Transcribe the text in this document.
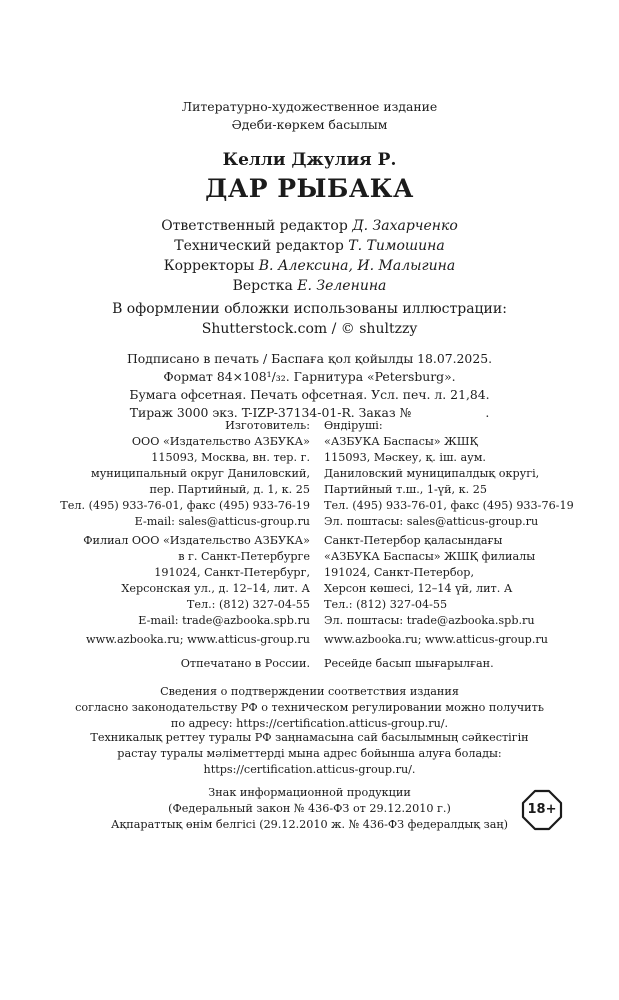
Литературно-художественное издание
Әдеби-көркем басылым
Келли Джулия Р.
ДАР РЫБАКА
Ответственный редактор Д. Захарченко
Технический редактор Т. Тимошина
Корректоры В. Алексина, И. Малыгина
Верстка Е. Зеленина
В оформлении обложки использованы иллюстрации:
Shutterstock.com / © shultzzy
Подписано в печать / Баспаға қол қойылды 18.07.2025.
Формат 84×108¹/₃₂. Гарнитура «Petersburg».
Бумага офсетная. Печать офсетная. Усл. печ. л. 21,84.
Тираж 3000 экз. T-IZP-37134-01-R. Заказ №	.
Изготовитель:
ООО «Издательство АЗБУКА»
115093, Москва, вн. тер. г.
муниципальный округ Даниловский,
пер. Партийный, д. 1, к. 25
Тел. (495) 933-76-01, факс (495) 933-76-19
E-mail: sales@atticus-group.ru
Өндіруші:
«АЗБУКА Баспасы» ЖШҚ
115093, Мәскеу, қ. іш. аум.
Даниловский муниципалдық округі,
Партийный т.ш., 1-үй, к. 25
Тел. (495) 933-76-01, факс (495) 933-76-19
Эл. поштасы: sales@atticus-group.ru
Филиал ООО «Издательство АЗБУКА»
в г. Санкт-Петербурге
191024, Санкт-Петербург,
Херсонская ул., д. 12–14, лит. А
Тел.: (812) 327-04-55
E-mail: trade@azbooka.spb.ru
Санкт-Петербор қаласындағы
«АЗБУКА Баспасы» ЖШҚ филиалы
191024, Санкт-Петербор,
Херсон көшесі, 12–14 үй, лит. А
Тел.: (812) 327-04-55
Эл. поштасы: trade@azbooka.spb.ru
www.azbooka.ru; www.atticus-group.ru www.azbooka.ru; www.atticus-group.ru
Отпечатано в России. Ресейде басып шығарылған.
Сведения о подтверждении соответствия издания
согласно законодательству РФ о техническом регулировании можно получить
по адресу: https://certification.atticus-group.ru/.
Техникалық реттеу туралы РФ заңнамасына сай басылымның сәйкестігін
растау туралы мәліметтерді мына адрес бойынша алуға болады:
https://certification.atticus-group.ru/.
Знак информационной продукции
(Федеральный закон № 436-ФЗ от 29.12.2010 г.)
Ақпараттық өнім белгісі (29.12.2010 ж. № 436-ФЗ федералдық заң)
18+
